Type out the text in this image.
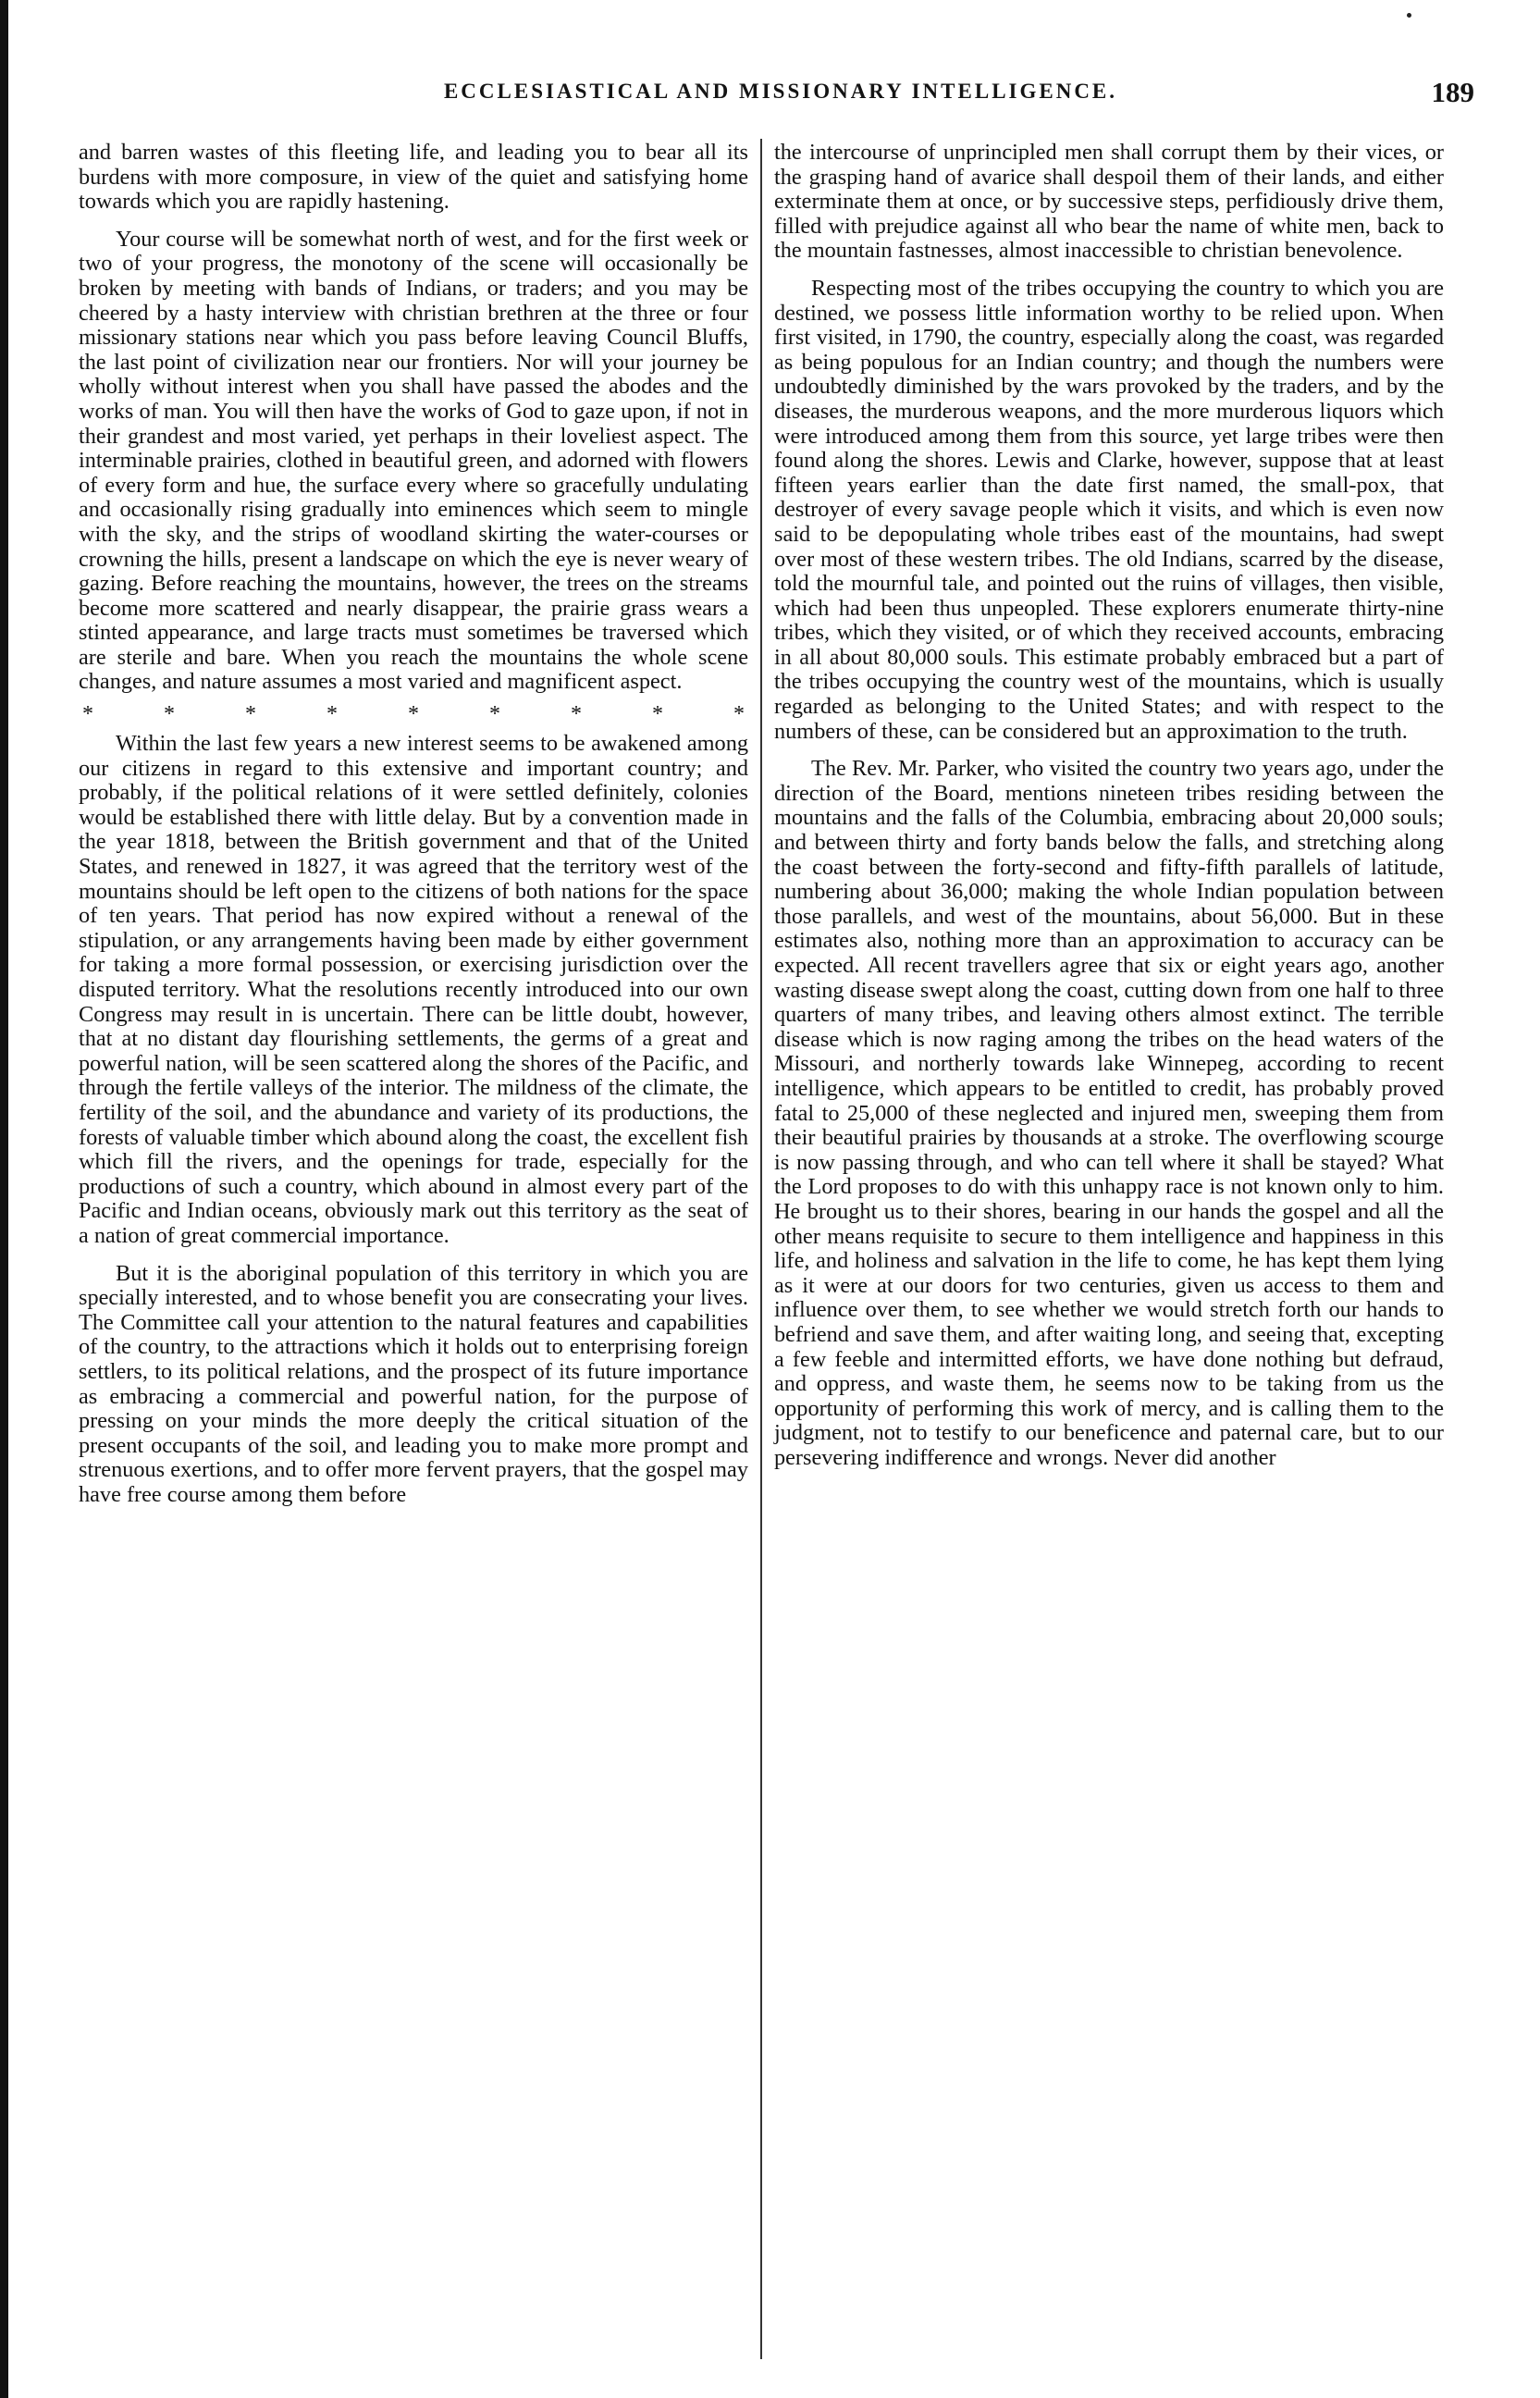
ECCLESIASTICAL AND MISSIONARY INTELLIGENCE.	189

and barren wastes of this fleeting life, and leading you to bear all its burdens with more composure, in view of the quiet and satisfying home towards which you are rapidly hastening.

Your course will be somewhat north of west, and for the first week or two of your progress, the monotony of the scene will occasionally be broken by meeting with bands of Indians, or traders; and you may be cheered by a hasty interview with christian brethren at the three or four missionary stations near which you pass before leaving Council Bluffs, the last point of civilization near our frontiers. Nor will your journey be wholly without interest when you shall have passed the abodes and the works of man. You will then have the works of God to gaze upon, if not in their grandest and most varied, yet perhaps in their loveliest aspect. The interminable prairies, clothed in beautiful green, and adorned with flowers of every form and hue, the surface every where so gracefully undulating and occasionally rising gradually into eminences which seem to mingle with the sky, and the strips of woodland skirting the water-courses or crowning the hills, present a landscape on which the eye is never weary of gazing. Before reaching the mountains, however, the trees on the streams become more scattered and nearly disappear, the prairie grass wears a stinted appearance, and large tracts must sometimes be traversed which are sterile and bare. When you reach the mountains the whole scene changes, and nature assumes a most varied and magnificent aspect.

*	*	*	*	*	*	*	*	*

Within the last few years a new interest seems to be awakened among our citizens in regard to this extensive and important country; and probably, if the political relations of it were settled definitely, colonies would be established there with little delay. But by a convention made in the year 1818, between the British government and that of the United States, and renewed in 1827, it was agreed that the territory west of the mountains should be left open to the citizens of both nations for the space of ten years. That period has now expired without a renewal of the stipulation, or any arrangements having been made by either government for taking a more formal possession, or exercising jurisdiction over the disputed territory. What the resolutions recently introduced into our own Congress may result in is uncertain. There can be little doubt, however, that at no distant day flourishing settlements, the germs of a great and powerful nation, will be seen scattered along the shores of the Pacific, and through the fertile valleys of the interior. The mildness of the climate, the fertility of the soil, and the abundance and variety of its productions, the forests of valuable timber which abound along the coast, the excellent fish which fill the rivers, and the openings for trade, especially for the productions of such a country, which abound in almost every part of the Pacific and Indian oceans, obviously mark out this territory as the seat of a nation of great commercial importance.

But it is the aboriginal population of this territory in which you are specially interested, and to whose benefit you are consecrating your lives. The Committee call your attention to the natural features and capabilities of the country, to the attractions which it holds out to enterprising foreign settlers, to its political relations, and the prospect of its future importance as embracing a commercial and powerful nation, for the purpose of pressing on your minds the more deeply the critical situation of the present occupants of the soil, and leading you to make more prompt and strenuous exertions, and to offer more fervent prayers, that the gospel may have free course among them before

the intercourse of unprincipled men shall corrupt them by their vices, or the grasping hand of avarice shall despoil them of their lands, and either exterminate them at once, or by successive steps, perfidiously drive them, filled with prejudice against all who bear the name of white men, back to the mountain fastnesses, almost inaccessible to christian benevolence.

Respecting most of the tribes occupying the country to which you are destined, we possess little information worthy to be relied upon. When first visited, in 1790, the country, especially along the coast, was regarded as being populous for an Indian country; and though the numbers were undoubtedly diminished by the wars provoked by the traders, and by the diseases, the murderous weapons, and the more murderous liquors which were introduced among them from this source, yet large tribes were then found along the shores. Lewis and Clarke, however, suppose that at least fifteen years earlier than the date first named, the small-pox, that destroyer of every savage people which it visits, and which is even now said to be depopulating whole tribes east of the mountains, had swept over most of these western tribes. The old Indians, scarred by the disease, told the mournful tale, and pointed out the ruins of villages, then visible, which had been thus unpeopled. These explorers enumerate thirty-nine tribes, which they visited, or of which they received accounts, embracing in all about 80,000 souls. This estimate probably embraced but a part of the tribes occupying the country west of the mountains, which is usually regarded as belonging to the United States; and with respect to the numbers of these, can be considered but an approximation to the truth.

The Rev. Mr. Parker, who visited the country two years ago, under the direction of the Board, mentions nineteen tribes residing between the mountains and the falls of the Columbia, embracing about 20,000 souls; and between thirty and forty bands below the falls, and stretching along the coast between the forty-second and fifty-fifth parallels of latitude, numbering about 36,000; making the whole Indian population between those parallels, and west of the mountains, about 56,000. But in these estimates also, nothing more than an approximation to accuracy can be expected. All recent travellers agree that six or eight years ago, another wasting disease swept along the coast, cutting down from one half to three quarters of many tribes, and leaving others almost extinct. The terrible disease which is now raging among the tribes on the head waters of the Missouri, and northerly towards lake Winnepeg, according to recent intelligence, which appears to be entitled to credit, has probably proved fatal to 25,000 of these neglected and injured men, sweeping them from their beautiful prairies by thousands at a stroke. The overflowing scourge is now passing through, and who can tell where it shall be stayed? What the Lord proposes to do with this unhappy race is not known only to him. He brought us to their shores, bearing in our hands the gospel and all the other means requisite to secure to them intelligence and happiness in this life, and holiness and salvation in the life to come, he has kept them lying as it were at our doors for two centuries, given us access to them and influence over them, to see whether we would stretch forth our hands to befriend and save them, and after waiting long, and seeing that, excepting a few feeble and intermitted efforts, we have done nothing but defraud, and oppress, and waste them, he seems now to be taking from us the opportunity of performing this work of mercy, and is calling them to the judgment, not to testify to our beneficence and paternal care, but to our persevering indifference and wrongs. Never did another
